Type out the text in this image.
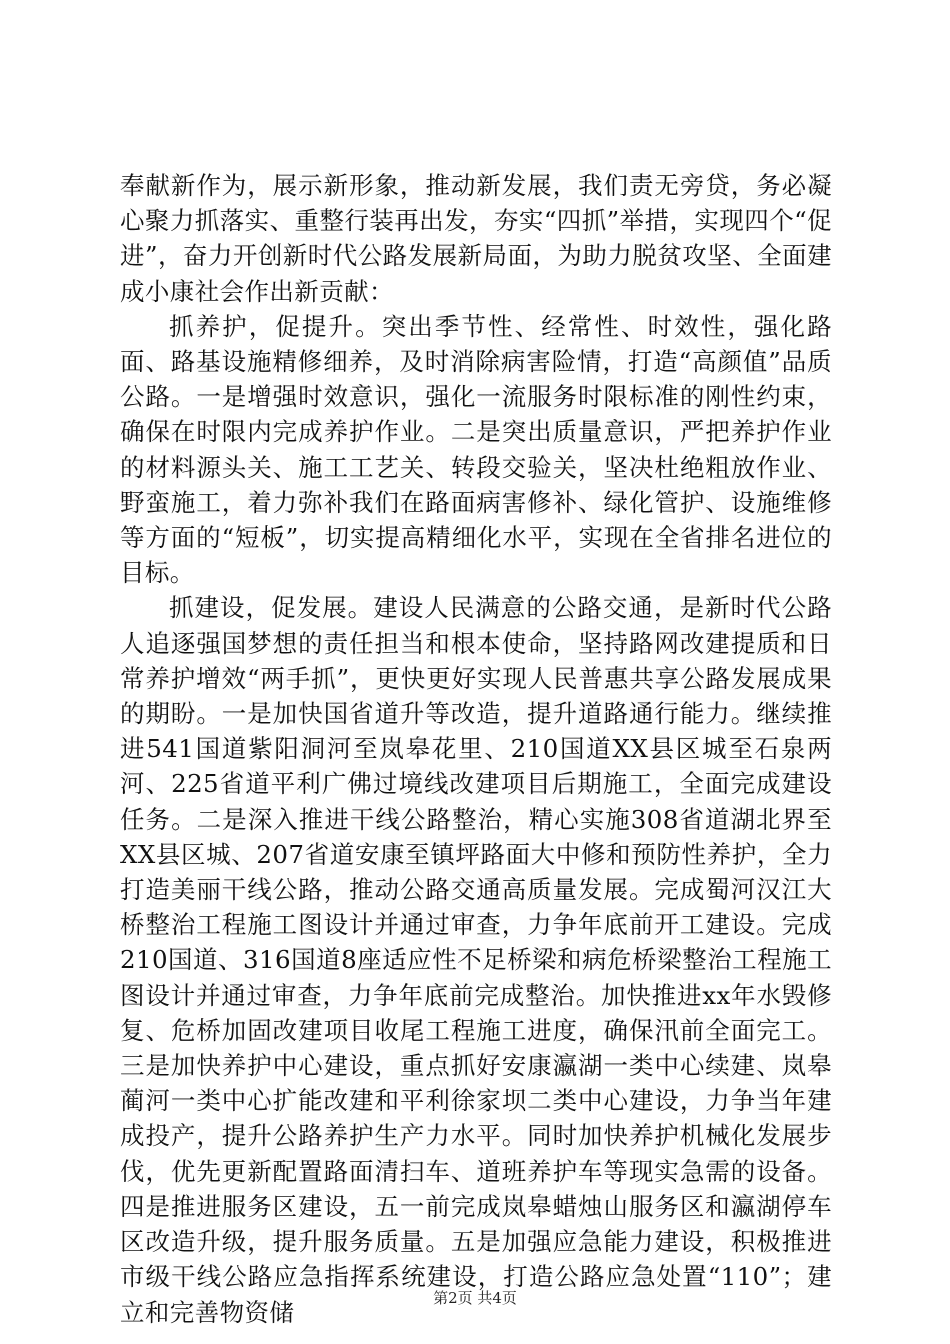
奉献新作为，展示新形象，推动新发展，我们责无旁贷，务必凝心聚力抓落实、重整行装再出发，夯实“四抓”举措，实现四个“促进”，奋力开创新时代公路发展新局面，为助力脱贫攻坚、全面建成小康社会作出新贡献：

抓养护，促提升。突出季节性、经常性、时效性，强化路面、路基设施精修细养，及时消除病害险情，打造“高颜值”品质公路。一是增强时效意识，强化一流服务时限标准的刚性约束，确保在时限内完成养护作业。二是突出质量意识，严把养护作业的材料源头关、施工工艺关、转段交验关，坚决杜绝粗放作业、野蛮施工，着力弥补我们在路面病害修补、绿化管护、设施维修等方面的“短板”，切实提高精细化水平，实现在全省排名进位的目标。

抓建设，促发展。建设人民满意的公路交通，是新时代公路人追逐强国梦想的责任担当和根本使命，坚持路网改建提质和日常养护增效“两手抓”，更快更好实现人民普惠共享公路发展成果的期盼。一是加快国省道升等改造，提升道路通行能力。继续推进541国道紫阳洞河至岚皋花里、210国道XX县区城至石泉两河、225省道平利广佛过境线改建项目后期施工，全面完成建设任务。二是深入推进干线公路整治，精心实施308省道湖北界至XX县区城、207省道安康至镇坪路面大中修和预防性养护，全力打造美丽干线公路，推动公路交通高质量发展。完成蜀河汉江大桥整治工程施工图设计并通过审查，力争年底前开工建设。完成210国道、316国道8座适应性不足桥梁和病危桥梁整治工程施工图设计并通过审查，力争年底前完成整治。加快推进xx年水毁修复、危桥加固改建项目收尾工程施工进度，确保汛前全面完工。三是加快养护中心建设，重点抓好安康瀛湖一类中心续建、岚皋蔺河一类中心扩能改建和平利徐家坝二类中心建设，力争当年建成投产，提升公路养护生产力水平。同时加快养护机械化发展步伐，优先更新配置路面清扫车、道班养护车等现实急需的设备。四是推进服务区建设，五一前完成岚皋蜡烛山服务区和瀛湖停车区改造升级，提升服务质量。五是加强应急能力建设，积极推进市级干线公路应急指挥系统建设，打造公路应急处置“110”；建立和完善物资储	第2页 共4页
